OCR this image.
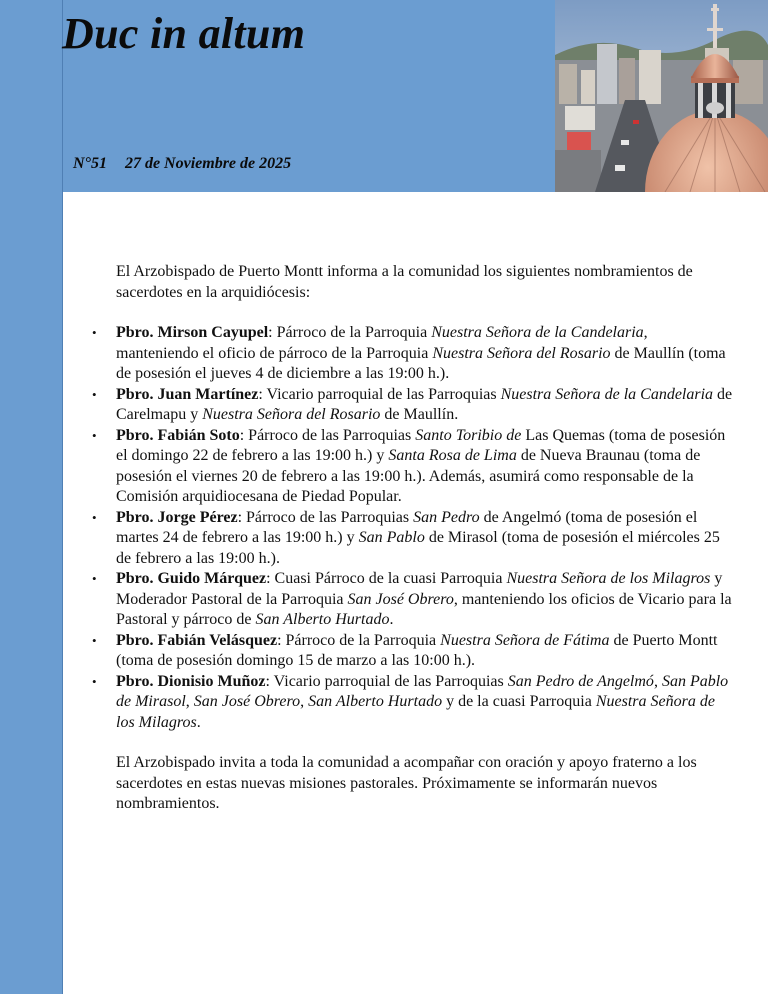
Duc in altum
N°51 27 de Noviembre de 2025

El Arzobispado de Puerto Montt informa a la comunidad los siguientes nombramientos de sacerdotes en la arquidiócesis:

• Pbro. Mirson Cayupel: Párroco de la Parroquia Nuestra Señora de la Candelaria, manteniendo el oficio de párroco de la Parroquia Nuestra Señora del Rosario de Maullín (toma de posesión el jueves 4 de diciembre a las 19:00 h.).
• Pbro. Juan Martínez: Vicario parroquial de las Parroquias Nuestra Señora de la Candelaria de Carelmapu y Nuestra Señora del Rosario de Maullín.
• Pbro. Fabián Soto: Párroco de las Parroquias Santo Toribio de Las Quemas (toma de posesión el domingo 22 de febrero a las 19:00 h.) y Santa Rosa de Lima de Nueva Braunau (toma de posesión el viernes 20 de febrero a las 19:00 h.). Además, asumirá como responsable de la Comisión arquidiocesana de Piedad Popular.
• Pbro. Jorge Pérez: Párroco de las Parroquias San Pedro de Angelmó (toma de posesión el martes 24 de febrero a las 19:00 h.) y San Pablo de Mirasol (toma de posesión el miércoles 25 de febrero a las 19:00 h.).
• Pbro. Guido Márquez: Cuasi Párroco de la cuasi Parroquia Nuestra Señora de los Milagros y Moderador Pastoral de la Parroquia San José Obrero, manteniendo los oficios de Vicario para la Pastoral y párroco de San Alberto Hurtado.
• Pbro. Fabián Velásquez: Párroco de la Parroquia Nuestra Señora de Fátima de Puerto Montt (toma de posesión domingo 15 de marzo a las 10:00 h.).
• Pbro. Dionisio Muñoz: Vicario parroquial de las Parroquias San Pedro de Angelmó, San Pablo de Mirasol, San José Obrero, San Alberto Hurtado y de la cuasi Parroquia Nuestra Señora de los Milagros.

El Arzobispado invita a toda la comunidad a acompañar con oración y apoyo fraterno a los sacerdotes en estas nuevas misiones pastorales. Próximamente se informarán nuevos nombramientos.
